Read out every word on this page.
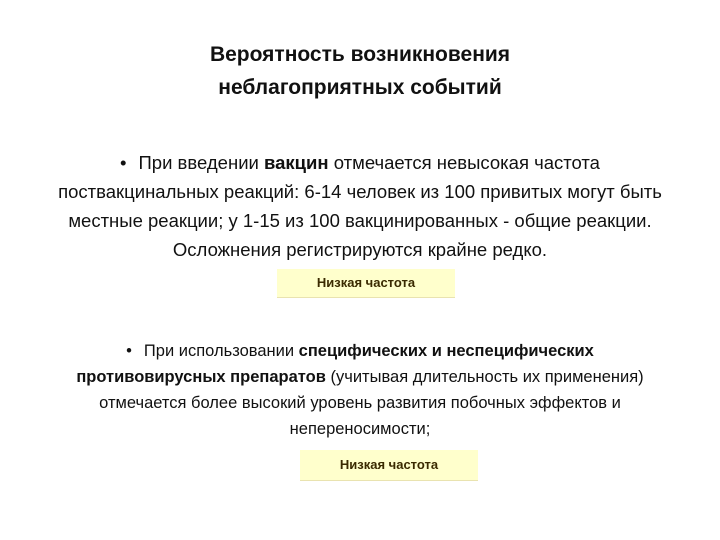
Вероятность возникновения
неблагоприятных событий
• При введении вакцин отмечается невысокая частота
поствакцинальных реакций: 6-14 человек из 100 привитых могут быть
местные реакции; у 1-15 из 100 вакцинированных - общие реакции.
Осложнения регистрируются крайне редко.
Низкая частота
• При использовании специфических и неспецифических
противовирусных препаратов (учитывая длительность их применения)
отмечается более высокий уровень развития побочных эффектов и
непереносимости;
Низкая частота
